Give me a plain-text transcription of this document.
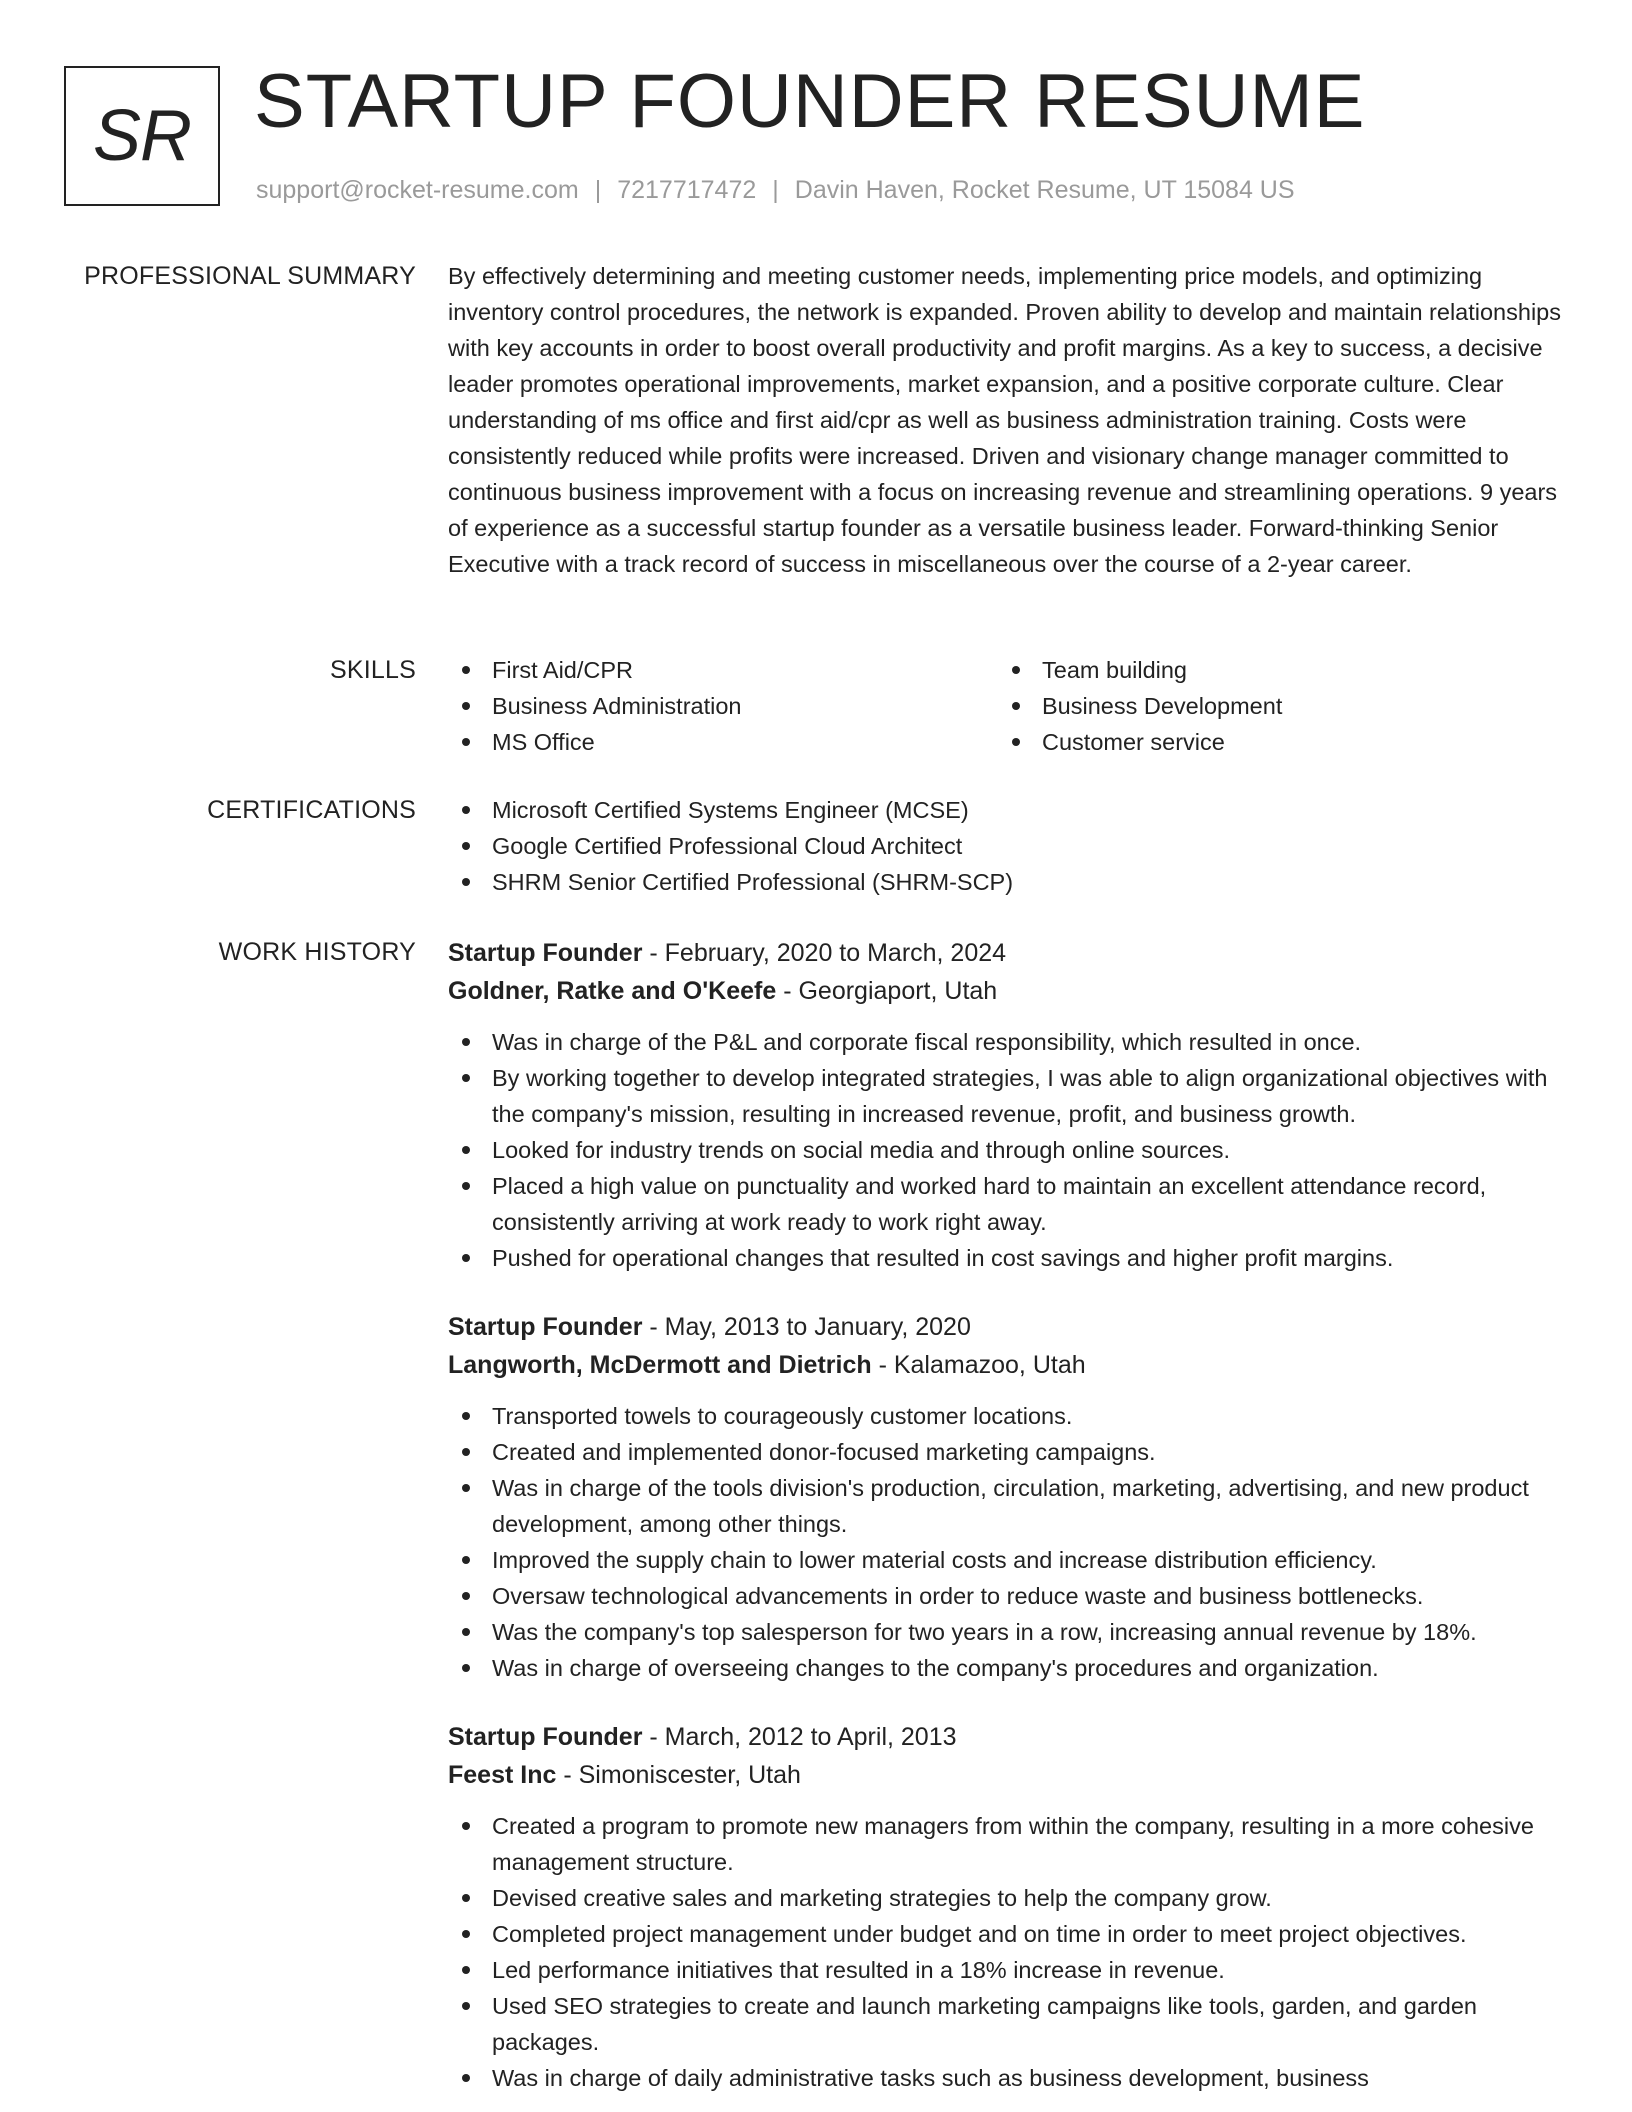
SR STARTUP FOUNDER RESUME
support@rocket-resume.com | 7217717472 | Davin Haven, Rocket Resume, UT 15084 US
PROFESSIONAL SUMMARY By effectively determining and meeting customer needs, implementing price models, and optimizing inventory control procedures, the network is expanded. Proven ability to develop and maintain relationships with key accounts in order to boost overall productivity and profit margins. As a key to success, a decisive leader promotes operational improvements, market expansion, and a positive corporate culture. Clear understanding of ms office and first aid/cpr as well as business administration training. Costs were consistently reduced while profits were increased. Driven and visionary change manager committed to continuous business improvement with a focus on increasing revenue and streamlining operations. 9 years of experience as a successful startup founder as a versatile business leader. Forward-thinking Senior Executive with a track record of success in miscellaneous over the course of a 2-year career.

SKILLS	First Aid/CPR
Business Administration
MS Office
Team building
Business Development
Customer service
CERTIFICATIONS	Microsoft Certified Systems Engineer (MCSE)
Google Certified Professional Cloud Architect
SHRM Senior Certified Professional (SHRM-SCP)
WORK HISTORY Startup Founder - February, 2020 to March, 2024
Goldner, Ratke and O'Keefe - Georgiaport, Utah
Was in charge of the P&L and corporate fiscal responsibility, which resulted in once.
By working together to develop integrated strategies, I was able to align organizational objectives with the company's mission, resulting in increased revenue, profit, and business growth.
Looked for industry trends on social media and through online sources.
Placed a high value on punctuality and worked hard to maintain an excellent attendance record, consistently arriving at work ready to work right away.
Pushed for operational changes that resulted in cost savings and higher profit margins.
Startup Founder - May, 2013 to January, 2020
Langworth, McDermott and Dietrich - Kalamazoo, Utah
Transported towels to courageously customer locations.
Created and implemented donor-focused marketing campaigns.
Was in charge of the tools division's production, circulation, marketing, advertising, and new product development, among other things.
Improved the supply chain to lower material costs and increase distribution efficiency.
Oversaw technological advancements in order to reduce waste and business bottlenecks.
Was the company's top salesperson for two years in a row, increasing annual revenue by 18%.
Was in charge of overseeing changes to the company's procedures and organization.
Startup Founder - March, 2012 to April, 2013
Feest Inc - Simoniscester, Utah
Created a program to promote new managers from within the company, resulting in a more cohesive management structure.
Devised creative sales and marketing strategies to help the company grow.
Completed project management under budget and on time in order to meet project objectives.
Led performance initiatives that resulted in a 18% increase in revenue.
Used SEO strategies to create and launch marketing campaigns like tools, garden, and garden packages.
Was in charge of daily administrative tasks such as business development, business
